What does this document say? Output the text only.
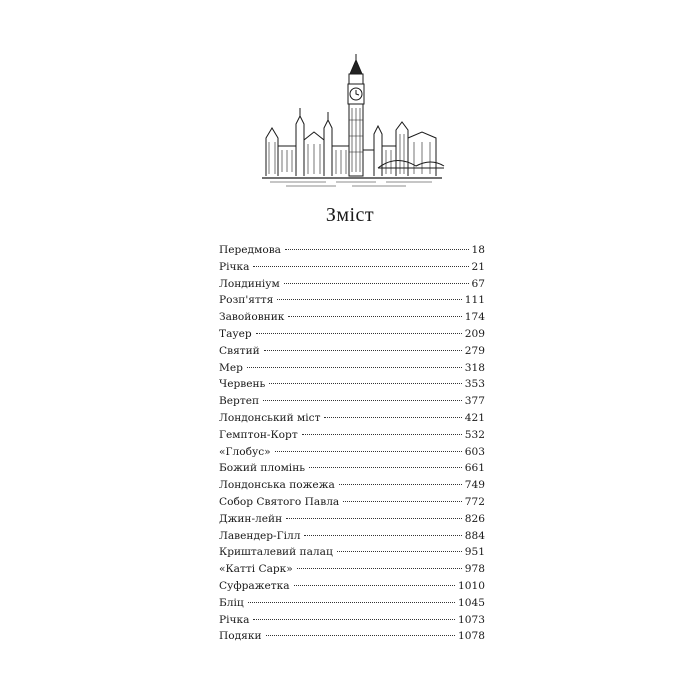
Зміст
Передмова	18
Річка	21
Лондиніум	67
Розп'яття	111
Завойовник	174
Тауер	209
Святий	279
Мер	318
Червень	353
Вертеп	377
Лондонський міст	421
Гемптон-Корт	532
«Глобус»	603
Божий пломінь	661
Лондонська пожежа	749
Собор Святого Павла	772
Джин-лейн	826
Лавендер-Гілл	884
Кришталевий палац	951
«Катті Сарк»	978
Суфражетка	1010
Бліц	1045
Річка	1073
Подяки	1078
